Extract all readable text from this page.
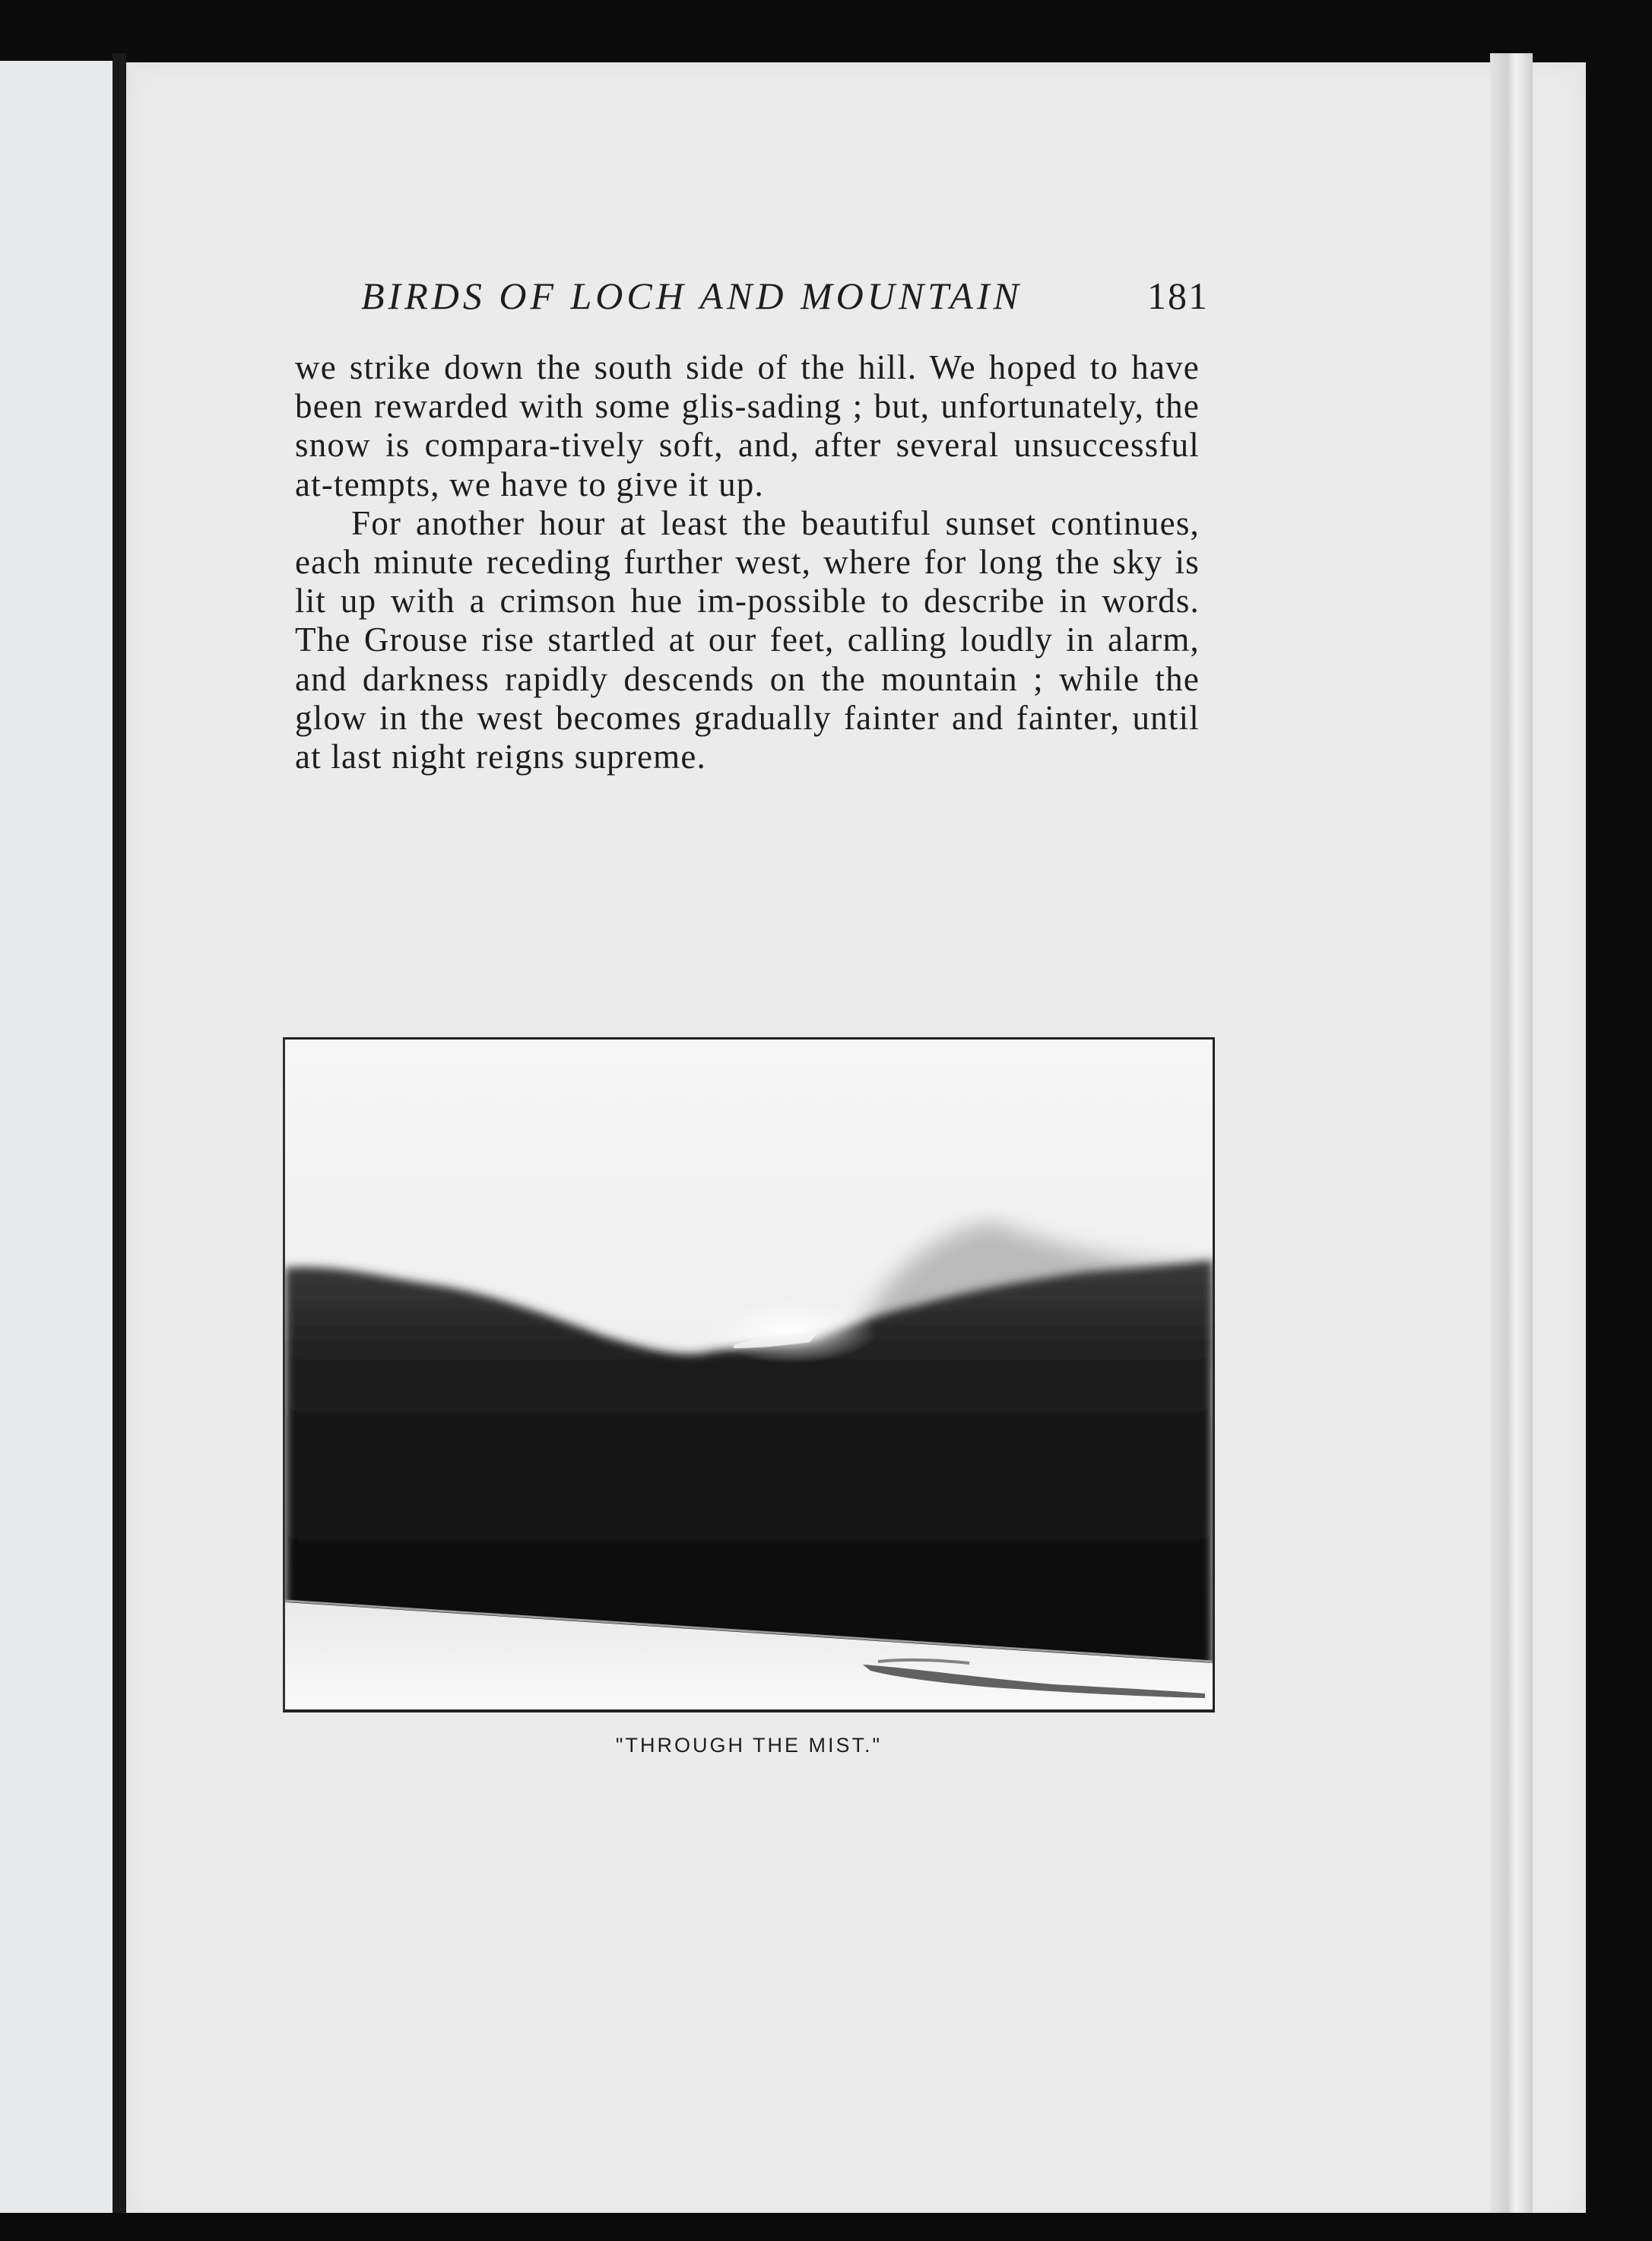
BIRDS OF LOCH AND MOUNTAIN	181

we strike down the south side of the hill. We hoped to have been rewarded with some glis-sading ; but, unfortunately, the snow is compara-tively soft, and, after several unsuccessful at-tempts, we have to give it up.

For another hour at least the beautiful sunset continues, each minute receding further west, where for long the sky is lit up with a crimson hue im-possible to describe in words. The Grouse rise startled at our feet, calling loudly in alarm, and darkness rapidly descends on the mountain ; while the glow in the west becomes gradually fainter and fainter, until at last night reigns supreme.

"THROUGH THE MIST."
